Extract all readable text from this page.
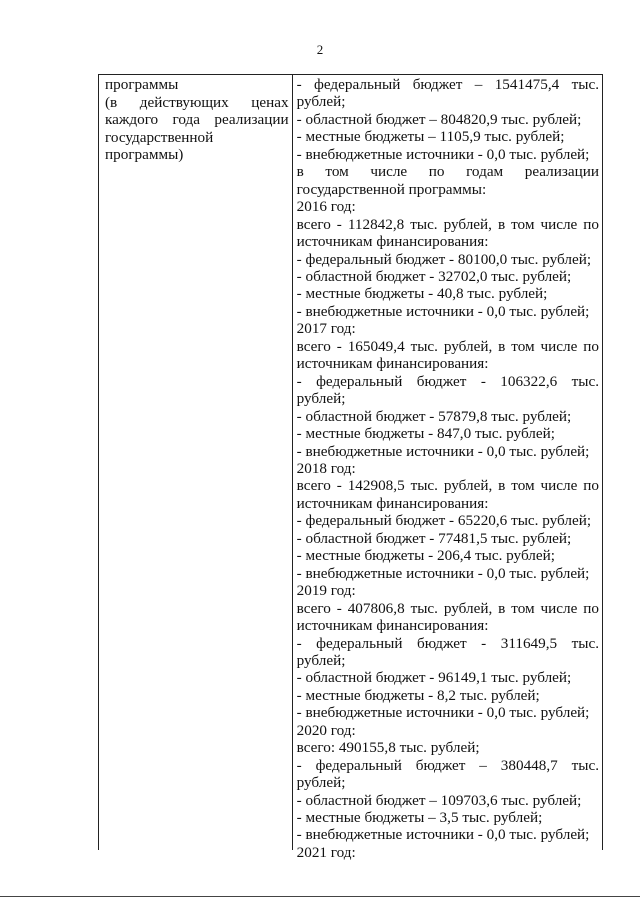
2
программы
(в действующих ценах
каждого года реализации
государственной
программы)
- федеральный бюджет – 1541475,4 тыс.
рублей;
- областной бюджет – 804820,9 тыс. рублей;
- местные бюджеты – 1105,9 тыс. рублей;
- внебюджетные источники - 0,0 тыс. рублей;
в том числе по годам реализации
государственной программы:
2016 год:
всего - 112842,8 тыс. рублей, в том числе по
источникам финансирования:
- федеральный бюджет - 80100,0 тыс. рублей;
- областной бюджет - 32702,0 тыс. рублей;
- местные бюджеты - 40,8 тыс. рублей;
- внебюджетные источники - 0,0 тыс. рублей;
2017 год:
всего - 165049,4 тыс. рублей, в том числе по
источникам финансирования:
- федеральный бюджет - 106322,6 тыс.
рублей;
- областной бюджет - 57879,8 тыс. рублей;
- местные бюджеты - 847,0 тыс. рублей;
- внебюджетные источники - 0,0 тыс. рублей;
2018 год:
всего - 142908,5 тыс. рублей, в том числе по
источникам финансирования:
- федеральный бюджет - 65220,6 тыс. рублей;
- областной бюджет - 77481,5 тыс. рублей;
- местные бюджеты - 206,4 тыс. рублей;
- внебюджетные источники - 0,0 тыс. рублей;
2019 год:
всего - 407806,8 тыс. рублей, в том числе по
источникам финансирования:
- федеральный бюджет - 311649,5 тыс.
рублей;
- областной бюджет - 96149,1 тыс. рублей;
- местные бюджеты - 8,2 тыс. рублей;
- внебюджетные источники - 0,0 тыс. рублей;
2020 год:
всего: 490155,8 тыс. рублей;
- федеральный бюджет – 380448,7 тыс.
рублей;
- областной бюджет – 109703,6 тыс. рублей;
- местные бюджеты – 3,5 тыс. рублей;
- внебюджетные источники - 0,0 тыс. рублей;
2021 год:
